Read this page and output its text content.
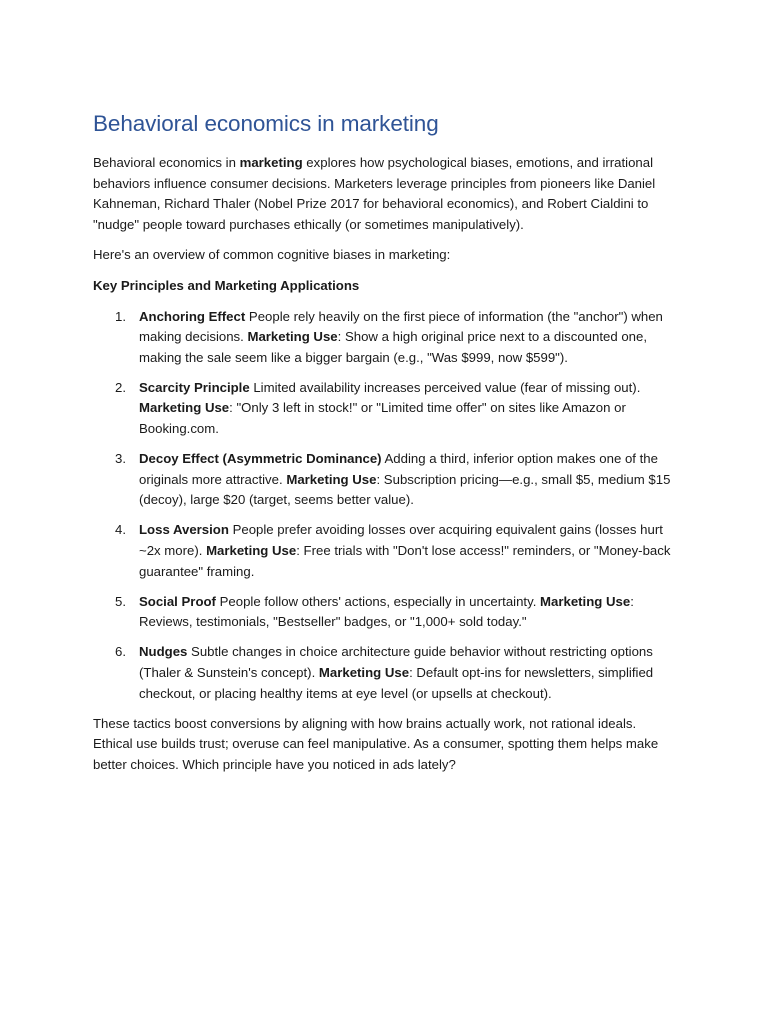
Behavioral economics in marketing

Behavioral economics in marketing explores how psychological biases, emotions, and irrational behaviors influence consumer decisions. Marketers leverage principles from pioneers like Daniel Kahneman, Richard Thaler (Nobel Prize 2017 for behavioral economics), and Robert Cialdini to "nudge" people toward purchases ethically (or sometimes manipulatively).

Here's an overview of common cognitive biases in marketing:

Key Principles and Marketing Applications

1. Anchoring Effect People rely heavily on the first piece of information (the "anchor") when making decisions. Marketing Use: Show a high original price next to a discounted one, making the sale seem like a bigger bargain (e.g., "Was $999, now $599").
2. Scarcity Principle Limited availability increases perceived value (fear of missing out). Marketing Use: "Only 3 left in stock!" or "Limited time offer" on sites like Amazon or Booking.com.
3. Decoy Effect (Asymmetric Dominance) Adding a third, inferior option makes one of the originals more attractive. Marketing Use: Subscription pricing—e.g., small $5, medium $15 (decoy), large $20 (target, seems better value).
4. Loss Aversion People prefer avoiding losses over acquiring equivalent gains (losses hurt ~2x more). Marketing Use: Free trials with "Don't lose access!" reminders, or "Money-back guarantee" framing.
5. Social Proof People follow others' actions, especially in uncertainty. Marketing Use: Reviews, testimonials, "Bestseller" badges, or "1,000+ sold today."
6. Nudges Subtle changes in choice architecture guide behavior without restricting options (Thaler & Sunstein's concept). Marketing Use: Default opt-ins for newsletters, simplified checkout, or placing healthy items at eye level (or upsells at checkout).

These tactics boost conversions by aligning with how brains actually work, not rational ideals. Ethical use builds trust; overuse can feel manipulative. As a consumer, spotting them helps make better choices. Which principle have you noticed in ads lately?
